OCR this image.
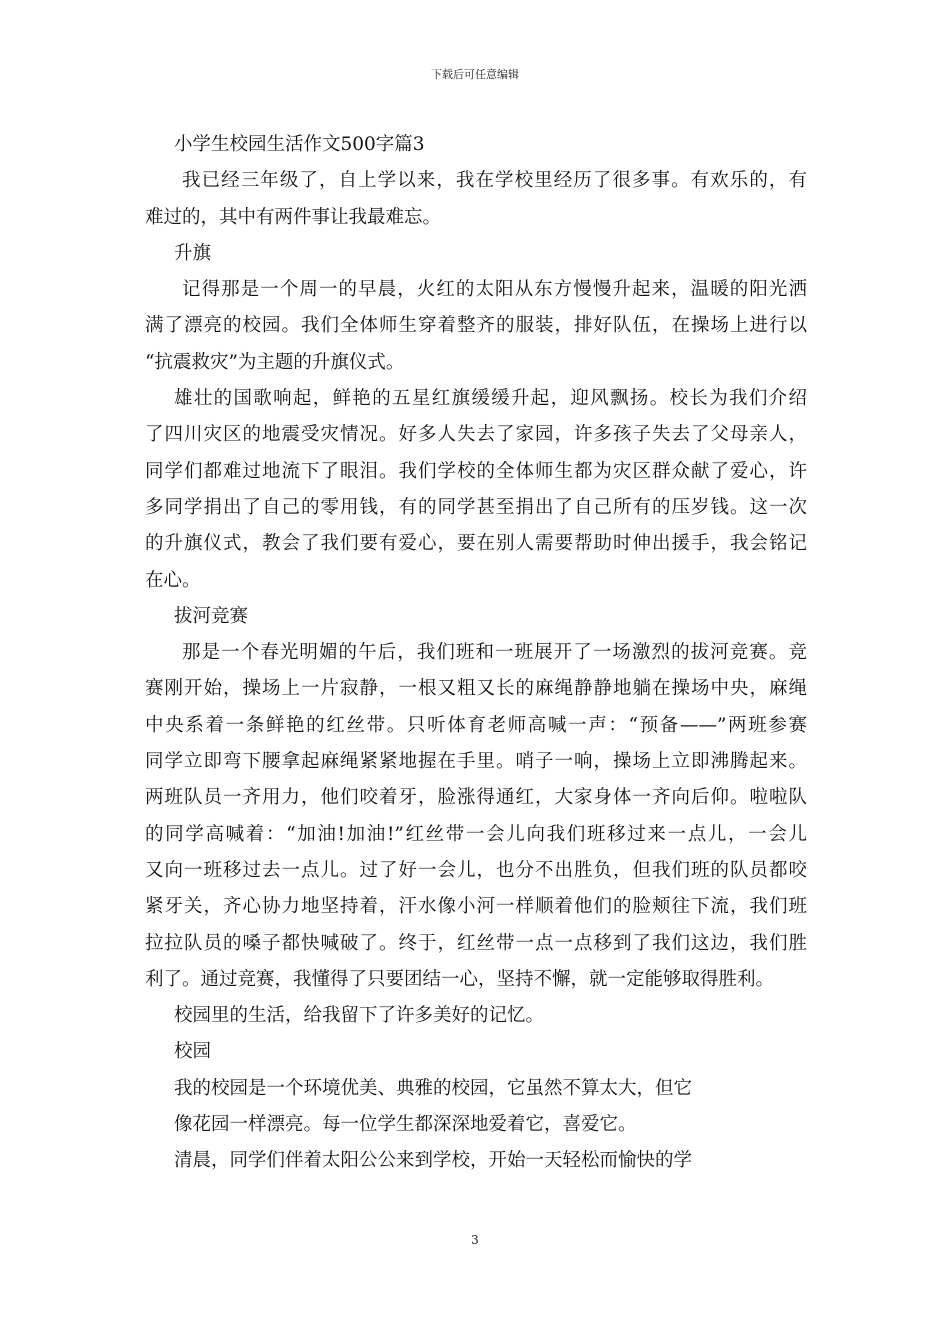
下载后可任意编辑
小学生校园生活作文500字篇3
我已经三年级了，自上学以来，我在学校里经历了很多事。有欢乐的，有
难过的，其中有两件事让我最难忘。
升旗
记得那是一个周一的早晨，火红的太阳从东方慢慢升起来，温暖的阳光洒
满了漂亮的校园。我们全体师生穿着整齐的服装，排好队伍，在操场上进行以
“抗震救灾”为主题的升旗仪式。
雄壮的国歌响起，鲜艳的五星红旗缓缓升起，迎风飘扬。校长为我们介绍
了四川灾区的地震受灾情况。好多人失去了家园，许多孩子失去了父母亲人，
同学们都难过地流下了眼泪。我们学校的全体师生都为灾区群众献了爱心，许
多同学捐出了自己的零用钱，有的同学甚至捐出了自己所有的压岁钱。这一次
的升旗仪式，教会了我们要有爱心，要在别人需要帮助时伸出援手，我会铭记
在心。
拔河竞赛
那是一个春光明媚的午后，我们班和一班展开了一场激烈的拔河竞赛。竞
赛刚开始，操场上一片寂静，一根又粗又长的麻绳静静地躺在操场中央，麻绳
中央系着一条鲜艳的红丝带。只听体育老师高喊一声：“预备——”两班参赛
同学立即弯下腰拿起麻绳紧紧地握在手里。哨子一响，操场上立即沸腾起来。
两班队员一齐用力，他们咬着牙，脸涨得通红，大家身体一齐向后仰。啦啦队
的同学高喊着：“加油!加油!”红丝带一会儿向我们班移过来一点儿，一会儿
又向一班移过去一点儿。过了好一会儿，也分不出胜负，但我们班的队员都咬
紧牙关，齐心协力地坚持着，汗水像小河一样顺着他们的脸颊往下流，我们班
拉拉队员的嗓子都快喊破了。终于，红丝带一点一点移到了我们这边，我们胜
利了。通过竞赛，我懂得了只要团结一心，坚持不懈，就一定能够取得胜利。
校园里的生活，给我留下了许多美好的记忆。
校园
我的校园是一个环境优美、典雅的校园，它虽然不算太大，但它
像花园一样漂亮。每一位学生都深深地爱着它，喜爱它。
清晨，同学们伴着太阳公公来到学校，开始一天轻松而愉快的学
3
